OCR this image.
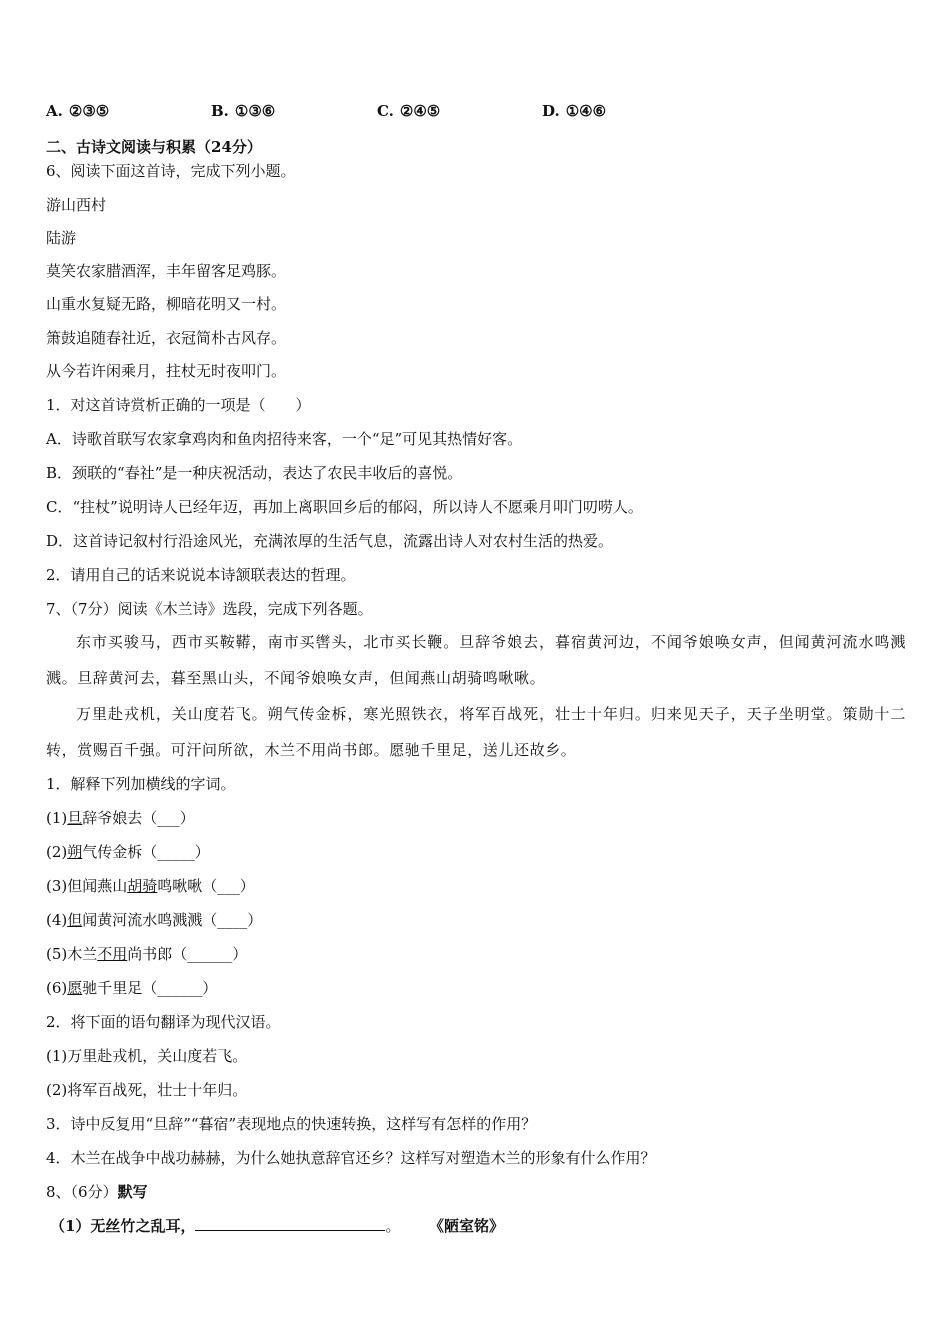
A. ②③⑤	B. ①③⑥	C. ②④⑤	D. ①④⑥
二、古诗文阅读与积累（24分）
6、阅读下面这首诗，完成下列小题。
游山西村
陆游
莫笑农家腊酒浑，丰年留客足鸡豚。
山重水复疑无路，柳暗花明又一村。
箫鼓追随春社近，衣冠简朴古风存。
从今若许闲乘月，拄杖无时夜叩门。
1．对这首诗赏析正确的一项是（　　）
A．诗歌首联写农家拿鸡肉和鱼肉招待来客，一个“足”可见其热情好客。
B．颈联的“春社”是一种庆祝活动，表达了农民丰收后的喜悦。
C．“拄杖”说明诗人已经年迈，再加上离职回乡后的郁闷，所以诗人不愿乘月叩门叨唠人。
D．这首诗记叙村行沿途风光，充满浓厚的生活气息，流露出诗人对农村生活的热爱。
2．请用自己的话来说说本诗颔联表达的哲理。
7、（7分）阅读《木兰诗》选段，完成下列各题。
东市买骏马，西市买鞍鞯，南市买辔头，北市买长鞭。旦辞爷娘去，暮宿黄河边，不闻爷娘唤女声，但闻黄河流水鸣溅溅。旦辞黄河去，暮至黑山头，不闻爷娘唤女声，但闻燕山胡骑鸣啾啾。
万里赴戎机，关山度若飞。朔气传金柝，寒光照铁衣，将军百战死，壮士十年归。归来见天子，天子坐明堂。策勋十二转，赏赐百千强。可汗问所欲，木兰不用尚书郎。愿驰千里足，送儿还故乡。
1．解释下列加横线的字词。
(1)旦辞爷娘去（___）
(2)朔气传金柝（_____）
(3)但闻燕山胡骑鸣啾啾（___）
(4)但闻黄河流水鸣溅溅（____）
(5)木兰不用尚书郎（______）
(6)愿驰千里足（______）
2．将下面的语句翻译为现代汉语。
(1)万里赴戎机，关山度若飞。
(2)将军百战死，壮士十年归。
3．诗中反复用“旦辞”“暮宿”表现地点的快速转换，这样写有怎样的作用？
4．木兰在战争中战功赫赫，为什么她执意辞官还乡？这样写对塑造木兰的形象有什么作用？
8、（6分）默写
（1）无丝竹之乱耳，	。 《陋室铭》
